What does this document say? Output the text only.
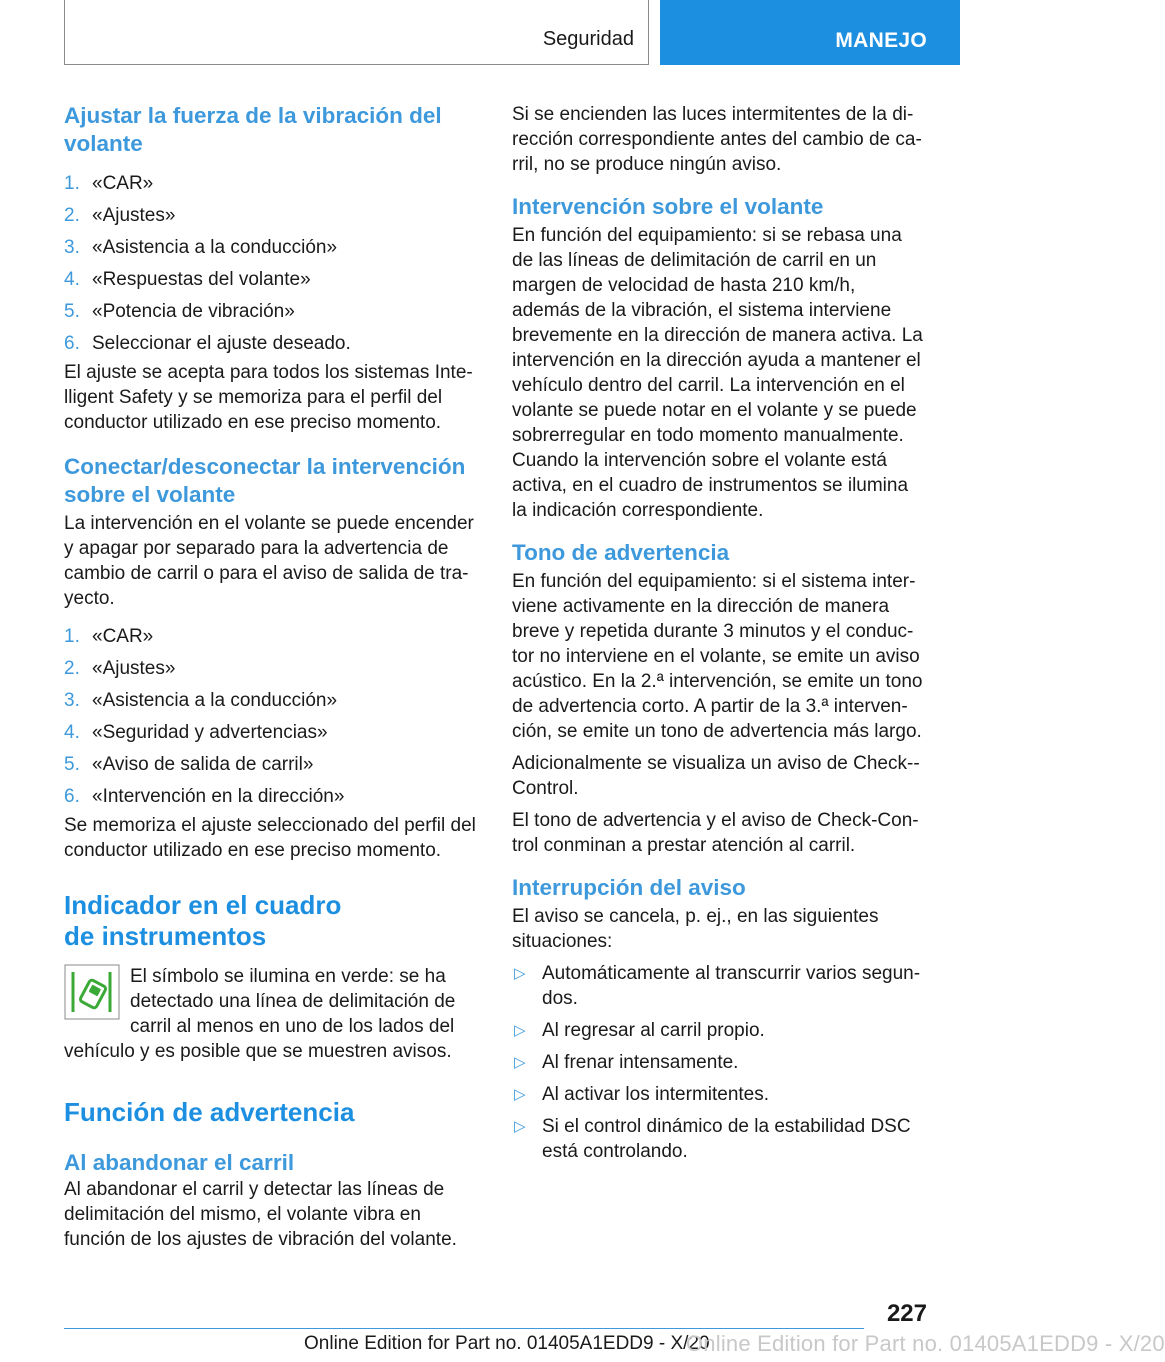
Seguridad	MANEJO
Ajustar la fuerza de la vibración del volante
1. «CAR»
2. «Ajustes»
3. «Asistencia a la conducción»
4. «Respuestas del volante»
5. «Potencia de vibración»
6. Seleccionar el ajuste deseado.

El ajuste se acepta para todos los sistemas Intelligent Safety y se memoriza para el perfil del conductor utilizado en ese preciso momento.

Conectar/desconectar la intervención sobre el volante

La intervención en el volante se puede encender y apagar por separado para la advertencia de cambio de carril o para el aviso de salida de trayecto.

1. «CAR»
2. «Ajustes»
3. «Asistencia a la conducción»
4. «Seguridad y advertencias»
5. «Aviso de salida de carril»
6. «Intervención en la dirección»

Se memoriza el ajuste seleccionado del perfil del conductor utilizado en ese preciso momento.

Indicador en el cuadro de instrumentos

El símbolo se ilumina en verde: se ha detectado una línea de delimitación de carril al menos en uno de los lados del vehículo y es posible que se muestren avisos.

Función de advertencia
Al abandonar el carril

Al abandonar el carril y detectar las líneas de delimitación del mismo, el volante vibra en función de los ajustes de vibración del volante.

Si se encienden las luces intermitentes de la dirección correspondiente antes del cambio de carril, no se produce ningún aviso.

Intervención sobre el volante

En función del equipamiento: si se rebasa una de las líneas de delimitación de carril en un margen de velocidad de hasta 210 km/h, además de la vibración, el sistema interviene brevemente en la dirección de manera activa. La intervención en la dirección ayuda a mantener el vehículo dentro del carril. La intervención en el volante se puede notar en el volante y se puede sobrerregular en todo momento manualmente. Cuando la intervención sobre el volante está activa, en el cuadro de instrumentos se ilumina la indicación correspondiente.

Tono de advertencia

En función del equipamiento: si el sistema interviene activamente en la dirección de manera breve y repetida durante 3 minutos y el conductor no interviene en el volante, se emite un aviso acústico. En la 2.ª intervención, se emite un tono de advertencia corto. A partir de la 3.ª intervención, se emite un tono de advertencia más largo.

Adicionalmente se visualiza un aviso de Check-Control.

El tono de advertencia y el aviso de Check-Control conminan a prestar atención al carril.

Interrupción del aviso

El aviso se cancela, p. ej., en las siguientes situaciones:

▷ Automáticamente al transcurrir varios segundos.
▷ Al regresar al carril propio.
▷ Al frenar intensamente.
▷ Al activar los intermitentes.
▷ Si el control dinámico de la estabilidad DSC está controlando.
227
Online Edition for Part no. 01405A1EDD9 - X/20
Online Edition for Part no. 01405A1EDD9 - X/20
